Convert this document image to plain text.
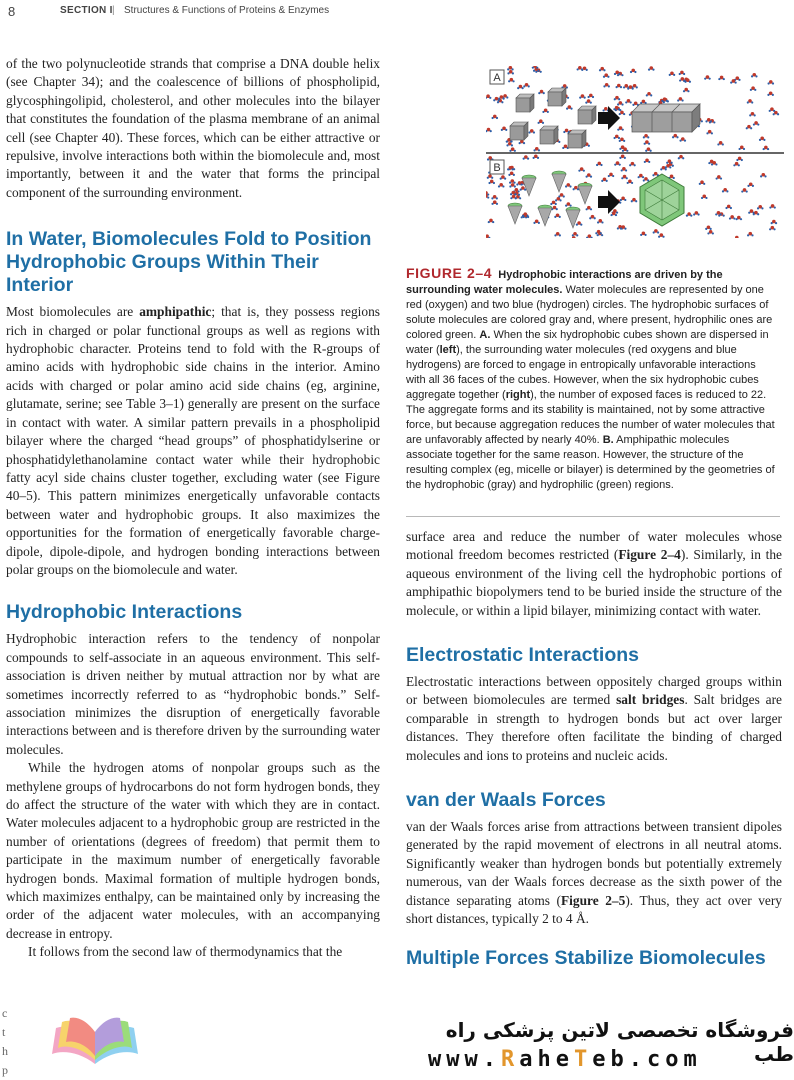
8	SECTION I | Structures & Functions of Proteins & Enzymes

of the two polynucleotide strands that comprise a DNA double helix (see Chapter 34); and the coalescence of billions of phospholipid, glycosphingolipid, cholesterol, and other molecules into the bilayer that constitutes the foundation of the plasma membrane of an animal cell (see Chapter 40). These forces, which can be either attractive or repulsive, involve interactions both within the biomolecule and, most importantly, between it and the water that forms the principal component of the surrounding environment.

In Water, Biomolecules Fold to Position Hydrophobic Groups Within Their Interior

Most biomolecules are amphipathic; that is, they possess regions rich in charged or polar functional groups as well as regions with hydrophobic character. Proteins tend to fold with the R-groups of amino acids with hydrophobic side chains in the interior. Amino acids with charged or polar amino acid side chains (eg, arginine, glutamate, serine; see Table 3–1) generally are present on the surface in contact with water. A similar pattern prevails in a phospholipid bilayer where the charged “head groups” of phosphatidylserine or phosphatidylethanolamine contact water while their hydrophobic fatty acyl side chains cluster together, excluding water (see Figure 40–5). This pattern minimizes energetically unfavorable contacts between water and hydrophobic groups. It also maximizes the opportunities for the formation of energetically favorable charge-dipole, dipole-dipole, and hydrogen bonding interactions between polar groups on the biomolecule and water.

Hydrophobic Interactions

Hydrophobic interaction refers to the tendency of nonpolar compounds to self-associate in an aqueous environment. This self-association is driven neither by mutual attraction nor by what are sometimes incorrectly referred to as “hydrophobic bonds.” Self-association minimizes the disruption of energetically favorable interactions between and is therefore driven by the surrounding water molecules.

While the hydrogen atoms of nonpolar groups such as the methylene groups of hydrocarbons do not form hydrogen bonds, they do affect the structure of the water with which they are in contact. Water molecules adjacent to a hydrophobic group are restricted in the number of orientations (degrees of freedom) that permit them to participate in the maximum number of energetically favorable hydrogen bonds. Maximal formation of multiple hydrogen bonds, which maximizes enthalpy, can be maintained only by increasing the order of the adjacent water molecules, with an accompanying decrease in entropy.

It follows from the second law of thermodynamics that the

A
B
FIGURE 2–4 Hydrophobic interactions are driven by the surrounding water molecules. Water molecules are represented by one red (oxygen) and two blue (hydrogen) circles. The hydrophobic surfaces of solute molecules are colored gray and, where present, hydrophilic ones are colored green. A. When the six hydrophobic cubes shown are dispersed in water (left), the surrounding water molecules (red oxygens and blue hydrogens) are forced to engage in entropically unfavorable interactions with all 36 faces of the cubes. However, when the six hydrophobic cubes aggregate together (right), the number of exposed faces is reduced to 22. The aggregate forms and its stability is maintained, not by some attractive force, but because aggregation reduces the number of water molecules that are unfavorably affected by nearly 40%. B. Amphipathic molecules associate together for the same reason. However, the structure of the resulting complex (eg, micelle or bilayer) is determined by the geometries of the hydrophobic (gray) and hydrophilic (green) regions.

surface area and reduce the number of water molecules whose motional freedom becomes restricted (Figure 2–4). Similarly, in the aqueous environment of the living cell the hydrophobic portions of amphipathic biopolymers tend to be buried inside the structure of the molecule, or within a lipid bilayer, minimizing contact with water.

Electrostatic Interactions

Electrostatic interactions between oppositely charged groups within or between biomolecules are termed salt bridges. Salt bridges are comparable in strength to hydrogen bonds but act over larger distances. They therefore often facilitate the binding of charged molecules and ions to proteins and nucleic acids.

van der Waals Forces

van der Waals forces arise from attractions between transient dipoles generated by the rapid movement of electrons in all neutral atoms. Significantly weaker than hydrogen bonds but potentially extremely numerous, van der Waals forces decrease as the sixth power of the distance separating atoms (Figure 2–5). Thus, they act over very short distances, typically 2 to 4 Å.

Multiple Forces Stabilize Biomolecules
فروشگاه تخصصی لاتین پزشکی راه طب
www.RaheTeb.com
c
t
h
p
